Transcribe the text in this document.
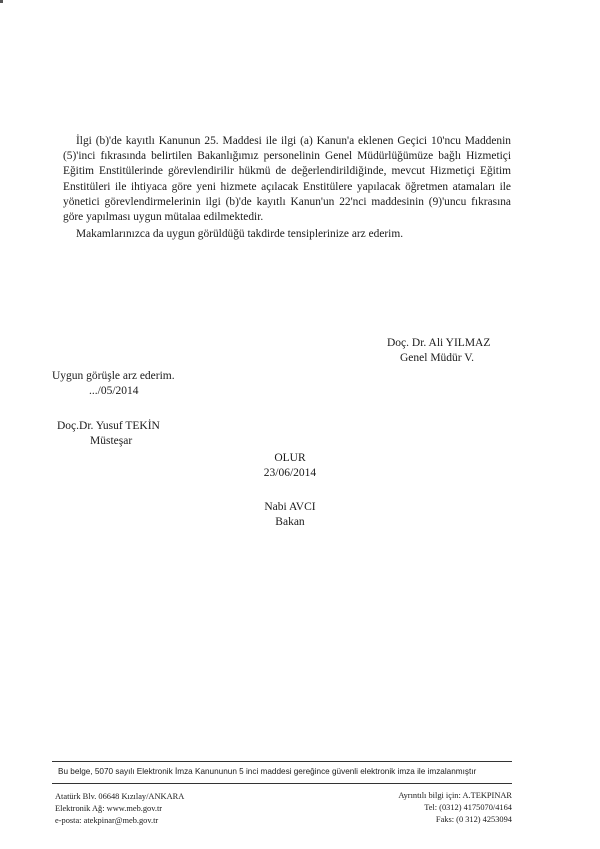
İlgi (b)'de kayıtlı Kanunun 25. Maddesi ile ilgi (a) Kanun'a eklenen Geçici 10'ncu Maddenin (5)'inci fıkrasında belirtilen Bakanlığımız personelinin Genel Müdürlüğümüze bağlı Hizmetiçi Eğitim Enstitülerinde görevlendirilir hükmü de değerlendirildiğinde, mevcut Hizmetiçi Eğitim Enstitüleri ile ihtiyaca göre yeni hizmete açılacak Enstitülere yapılacak öğretmen atamaları ile yönetici görevlendirmelerinin ilgi (b)'de kayıtlı Kanun'un 22'nci maddesinin (9)'uncu fıkrasına göre yapılması uygun mütalaa edilmektedir.

Makamlarınızca da uygun görüldüğü takdirde tensiplerinize arz ederim.

Doç. Dr. Ali YILMAZ
Genel Müdür V.
Uygun görüşle arz ederim.
.../05/2014
Doç.Dr. Yusuf TEKİN
Müsteşar
OLUR
23/06/2014
Nabi AVCI
Bakan
Bu belge, 5070 sayılı Elektronik İmza Kanununun 5 inci maddesi gereğince güvenli elektronik imza ile imzalanmıştır
Atatürk Blv. 06648 Kızılay/ANKARA
Elektronik Ağ: www.meb.gov.tr
e-posta: atekpinar@meb.gov.tr
Ayrıntılı bilgi için: A.TEKPINAR
Tel: (0312) 4175070/4164
Faks: (0 312) 4253094
